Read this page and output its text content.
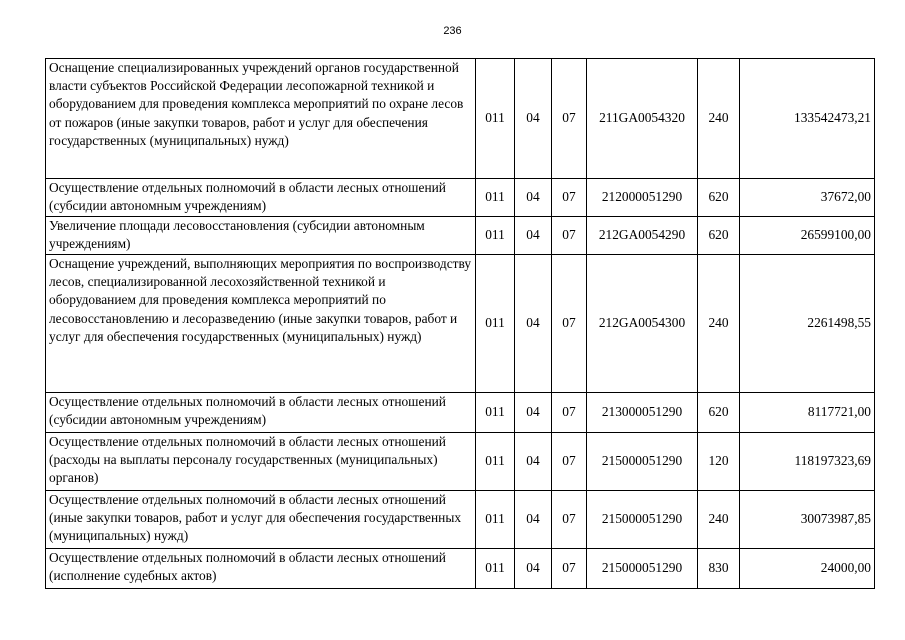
236
Оснащение специализированных учреждений органов государственной власти субъектов Российской Федерации лесопожарной техникой и оборудованием для проведения комплекса мероприятий по охране лесов от пожаров (иные закупки товаров, работ и услуг для обеспечения государственных (муниципальных) нужд)	011	04	07	211GA0054320	240	133542473,21
Осуществление отдельных полномочий в области лесных отношений (субсидии автономным учреждениям)	011	04	07	212000051290	620	37672,00
Увеличение площади лесовосстановления (субсидии автономным учреждениям)	011	04	07	212GA0054290	620	26599100,00
Оснащение учреждений, выполняющих мероприятия по воспроизводству лесов, специализированной лесохозяйственной техникой и оборудованием для проведения комплекса мероприятий по лесовосстановлению и лесоразведению (иные закупки товаров, работ и услуг для обеспечения государственных (муниципальных) нужд)	011	04	07	212GA0054300	240	2261498,55
Осуществление отдельных полномочий в области лесных отношений (субсидии автономным учреждениям)	011	04	07	213000051290	620	8117721,00
Осуществление отдельных полномочий в области лесных отношений (расходы на выплаты персоналу государственных (муниципальных) органов)	011	04	07	215000051290	120	118197323,69
Осуществление отдельных полномочий в области лесных отношений (иные закупки товаров, работ и услуг для обеспечения государственных (муниципальных) нужд)	011	04	07	215000051290	240	30073987,85
Осуществление отдельных полномочий в области лесных отношений (исполнение судебных актов)	011	04	07	215000051290	830	24000,00
